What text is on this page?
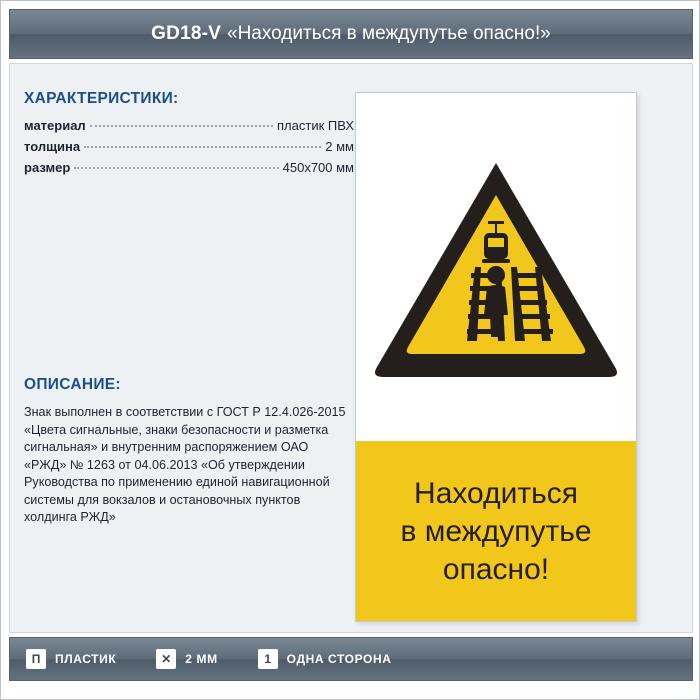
GD18-V «Находиться в междупутье опасно!»
ХАРАКТЕРИСТИКИ:
материал	пластик ПВХ
толщина	2 мм
размер	450х700 мм
ОПИСАНИЕ:
Знак выполнен в соответствии с ГОСТ Р 12.4.026-2015 «Цвета сигнальные, знаки безопасности и разметка сигнальная» и внутренним распоряжением ОАО «РЖД» № 1263 от 04.06.2013 «Об утверждении Руководства по применению единой навигационной системы для вокзалов и остановочных пунктов холдинга РЖД»
Находиться
в междупутье
опасно!
П	ПЛАСТИК	✕	2 ММ	1	ОДНА СТОРОНА
